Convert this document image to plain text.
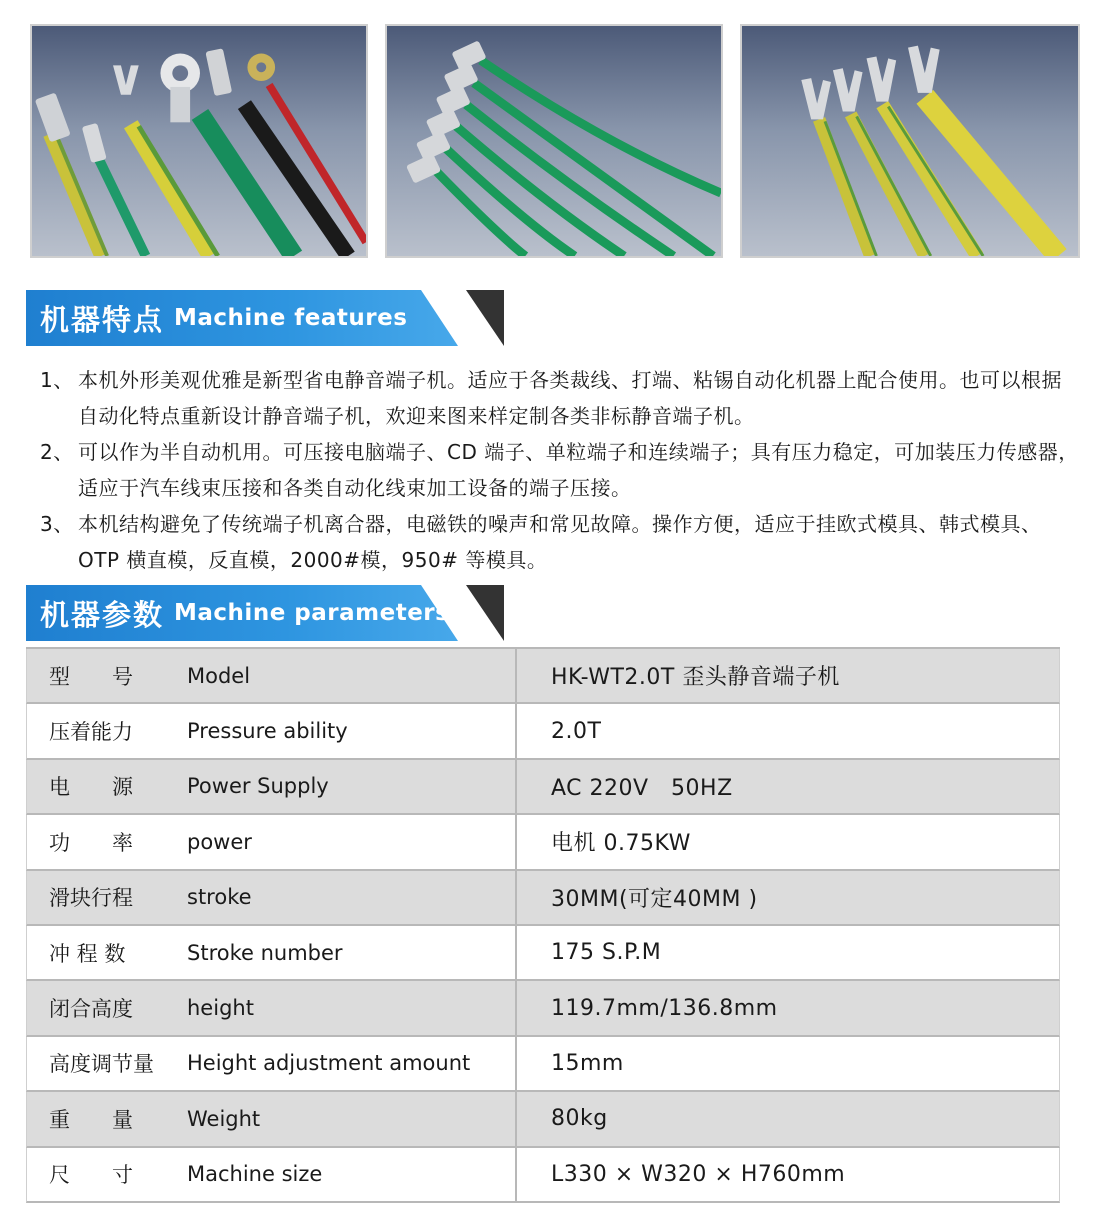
机器特点 Machine features
1、 本机外形美观优雅是新型省电静音端子机。适应于各类裁线、打端、粘锡自动化机器上配合使用。也可以根据自动化特点重新设计静音端子机，欢迎来图来样定制各类非标静音端子机。
2、 可以作为半自动机用。可压接电脑端子、CD 端子、单粒端子和连续端子；具有压力稳定，可加装压力传感器，适应于汽车线束压接和各类自动化线束加工设备的端子压接。
3、 本机结构避免了传统端子机离合器，电磁铁的噪声和常见故障。操作方便，适应于挂欧式模具、韩式模具、 OTP 横直模，反直模，2000#模，950# 等模具。
机器参数 Machine parameters
型　　号	Model	HK-WT2.0T 歪头静音端子机
压着能力	Pressure ability	2.0T
电　　源	Power Supply	AC 220V　50HZ
功　　率	power	电机 0.75KW
滑块行程	stroke	30MM(可定40MM )
冲 程 数	Stroke number	175 S.P.M
闭合高度	height	119.7mm/136.8mm
高度调节量	Height adjustment amount	15mm
重　　量	Weight	80kg
尺　　寸	Machine size	L330 × W320 × H760mm
